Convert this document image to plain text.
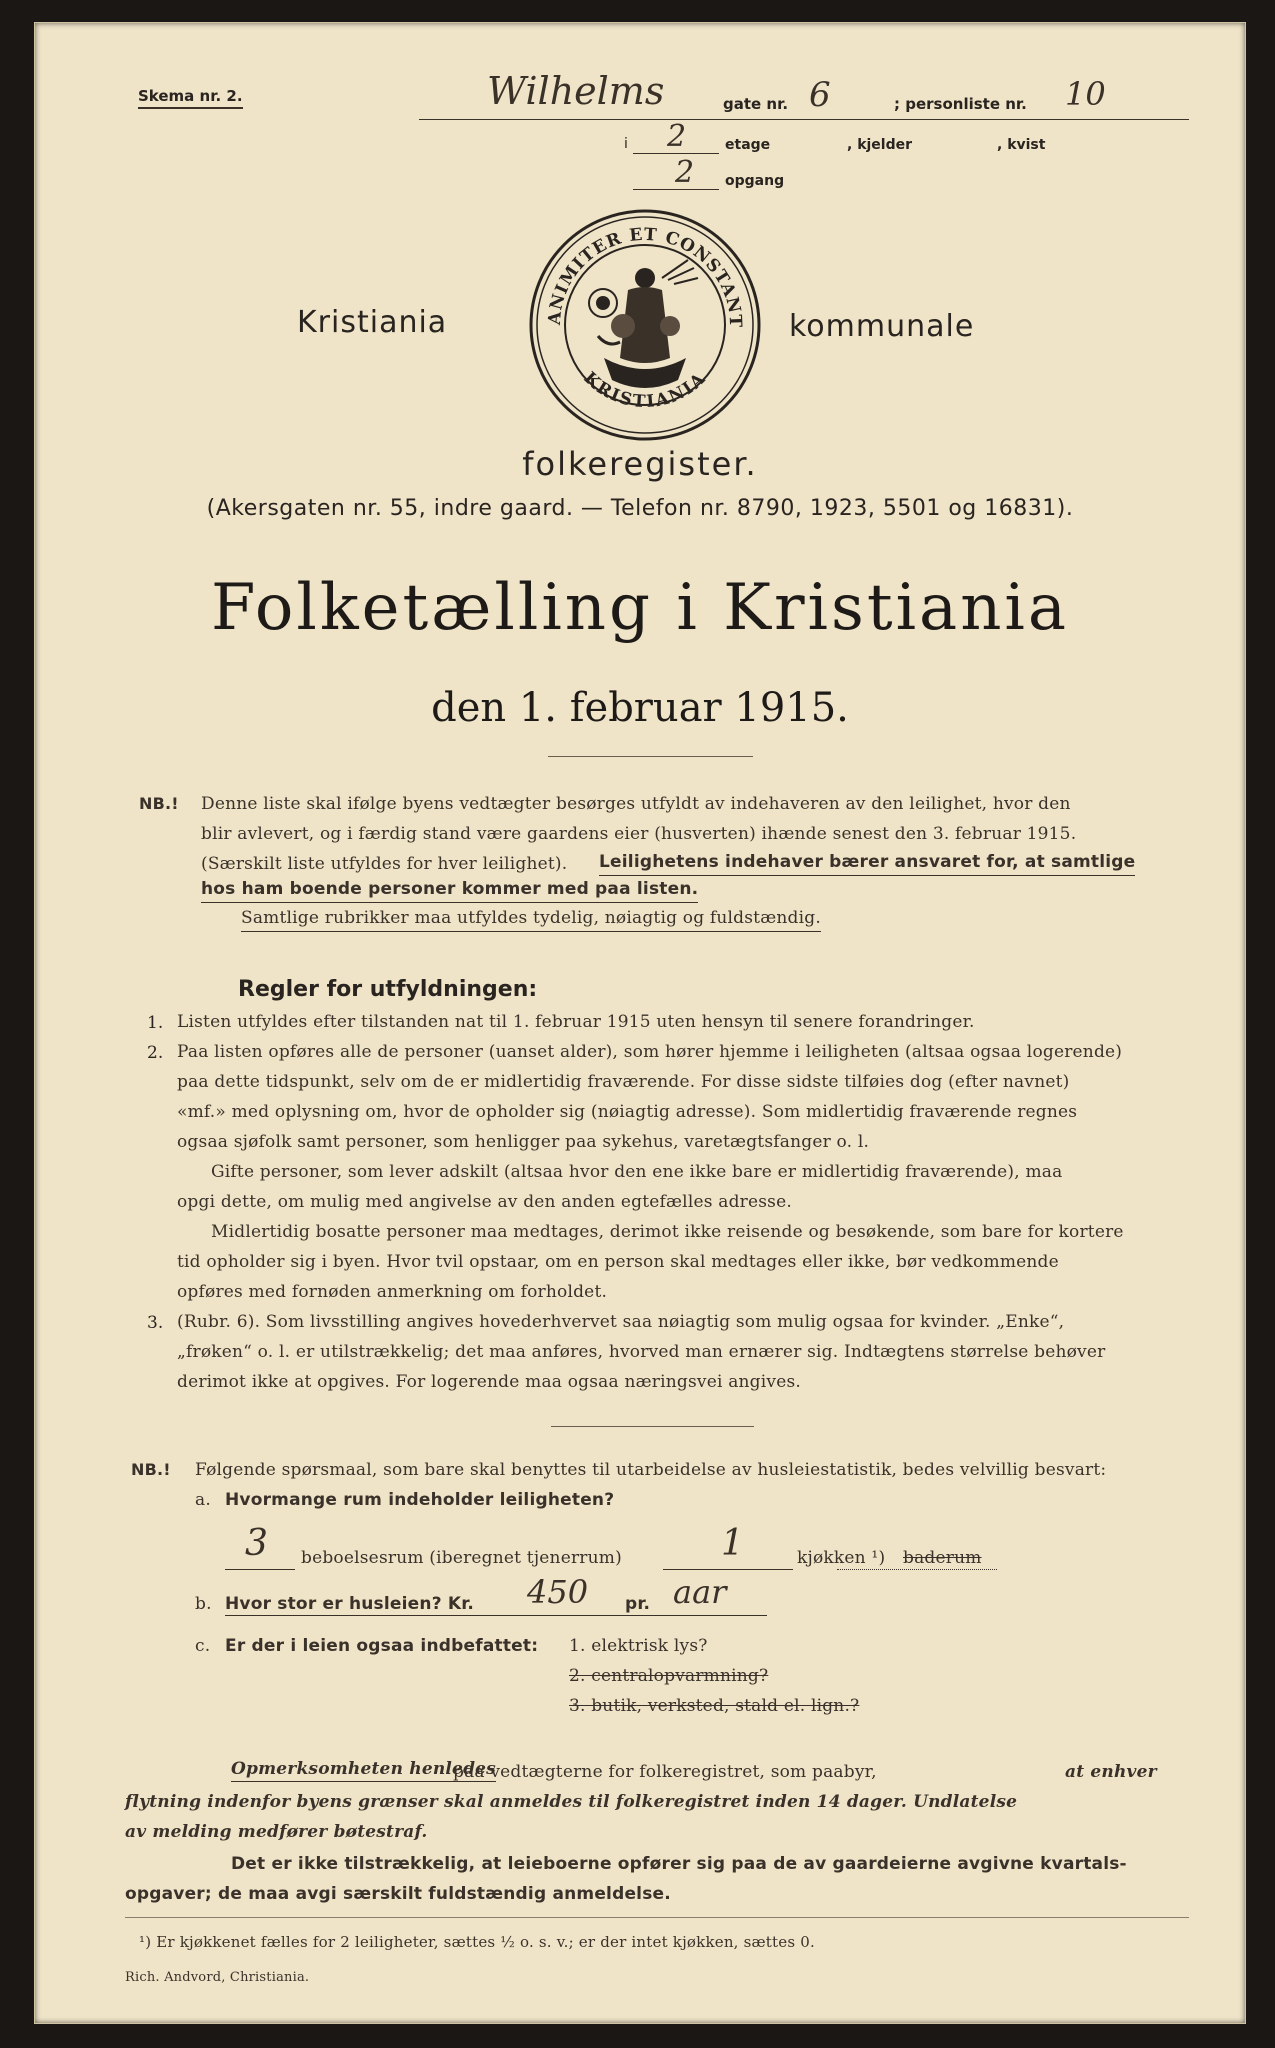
Skema nr. 2.	Wilhelms	gate nr. 6	; personliste nr. 10
i 2	etage	, kjelder	, kvist
2 opgang
ANIMITER ET CONSTANT
KRISTIANIA
Kristiania	kommunale
folkeregister.
(Akersgaten nr. 55, indre gaard. — Telefon nr. 8790, 1923, 5501 og 16831).
Folketælling i Kristiania
den 1. februar 1915.
NB.! Denne liste skal ifølge byens vedtægter besørges utfyldt av indehaveren av den leilighet, hvor den
blir avlevert, og i færdig stand være gaardens eier (husverten) ihænde senest den 3. februar 1915.
(Særskilt liste utfyldes for hver leilighet). Leilighetens indehaver bærer ansvaret for, at samtlige
hos ham boende personer kommer med paa listen.
Samtlige rubrikker maa utfyldes tydelig, nøiagtig og fuldstændig.
Regler for utfyldningen:
1. Listen utfyldes efter tilstanden nat til 1. februar 1915 uten hensyn til senere forandringer.
2. Paa listen opføres alle de personer (uanset alder), som hører hjemme i leiligheten (altsaa ogsaa logerende)
paa dette tidspunkt, selv om de er midlertidig fraværende. For disse sidste tilføies dog (efter navnet)
«mf.» med oplysning om, hvor de opholder sig (nøiagtig adresse). Som midlertidig fraværende regnes
ogsaa sjøfolk samt personer, som henligger paa sykehus, varetægtsfanger o. l.
Gifte personer, som lever adskilt (altsaa hvor den ene ikke bare er midlertidig fraværende), maa
opgi dette, om mulig med angivelse av den anden egtefælles adresse.
Midlertidig bosatte personer maa medtages, derimot ikke reisende og besøkende, som bare for kortere
tid opholder sig i byen. Hvor tvil opstaar, om en person skal medtages eller ikke, bør vedkommende
opføres med fornøden anmerkning om forholdet.
3. (Rubr. 6). Som livsstilling angives hovederhvervet saa nøiagtig som mulig ogsaa for kvinder. „Enke“,
„frøken“ o. l. er utilstrækkelig; det maa anføres, hvorved man ernærer sig. Indtægtens størrelse behøver
derimot ikke at opgives. For logerende maa ogsaa næringsvei angives.
NB.! Følgende spørsmaal, som bare skal benyttes til utarbeidelse av husleiestatistik, bedes velvillig besvart:
a. Hvormange rum indeholder leiligheten?
3 beboelsesrum (iberegnet tjenerrum)	1	kjøkken ¹) baderum
b. Hvor stor er husleien? Kr. 450 pr. aar
c. Er der i leien ogsaa indbefattet: 1. elektrisk lys?
2. centralopvarmning?
3. butik, verksted, stald el. lign.?
Opmerksomheten henledes
paa vedtægterne for folkeregistret, som paabyr,	at enhver
flytning indenfor byens grænser skal anmeldes til folkeregistret inden 14 dager. Undlatelse
av melding medfører bøtestraf.
Det er ikke tilstrækkelig, at leieboerne opfører sig paa de av gaardeierne avgivne kvartals-
opgaver; de maa avgi særskilt fuldstændig anmeldelse.
¹) Er kjøkkenet fælles for 2 leiligheter, sættes ½ o. s. v.; er der intet kjøkken, sættes 0.
Rich. Andvord, Christiania.
